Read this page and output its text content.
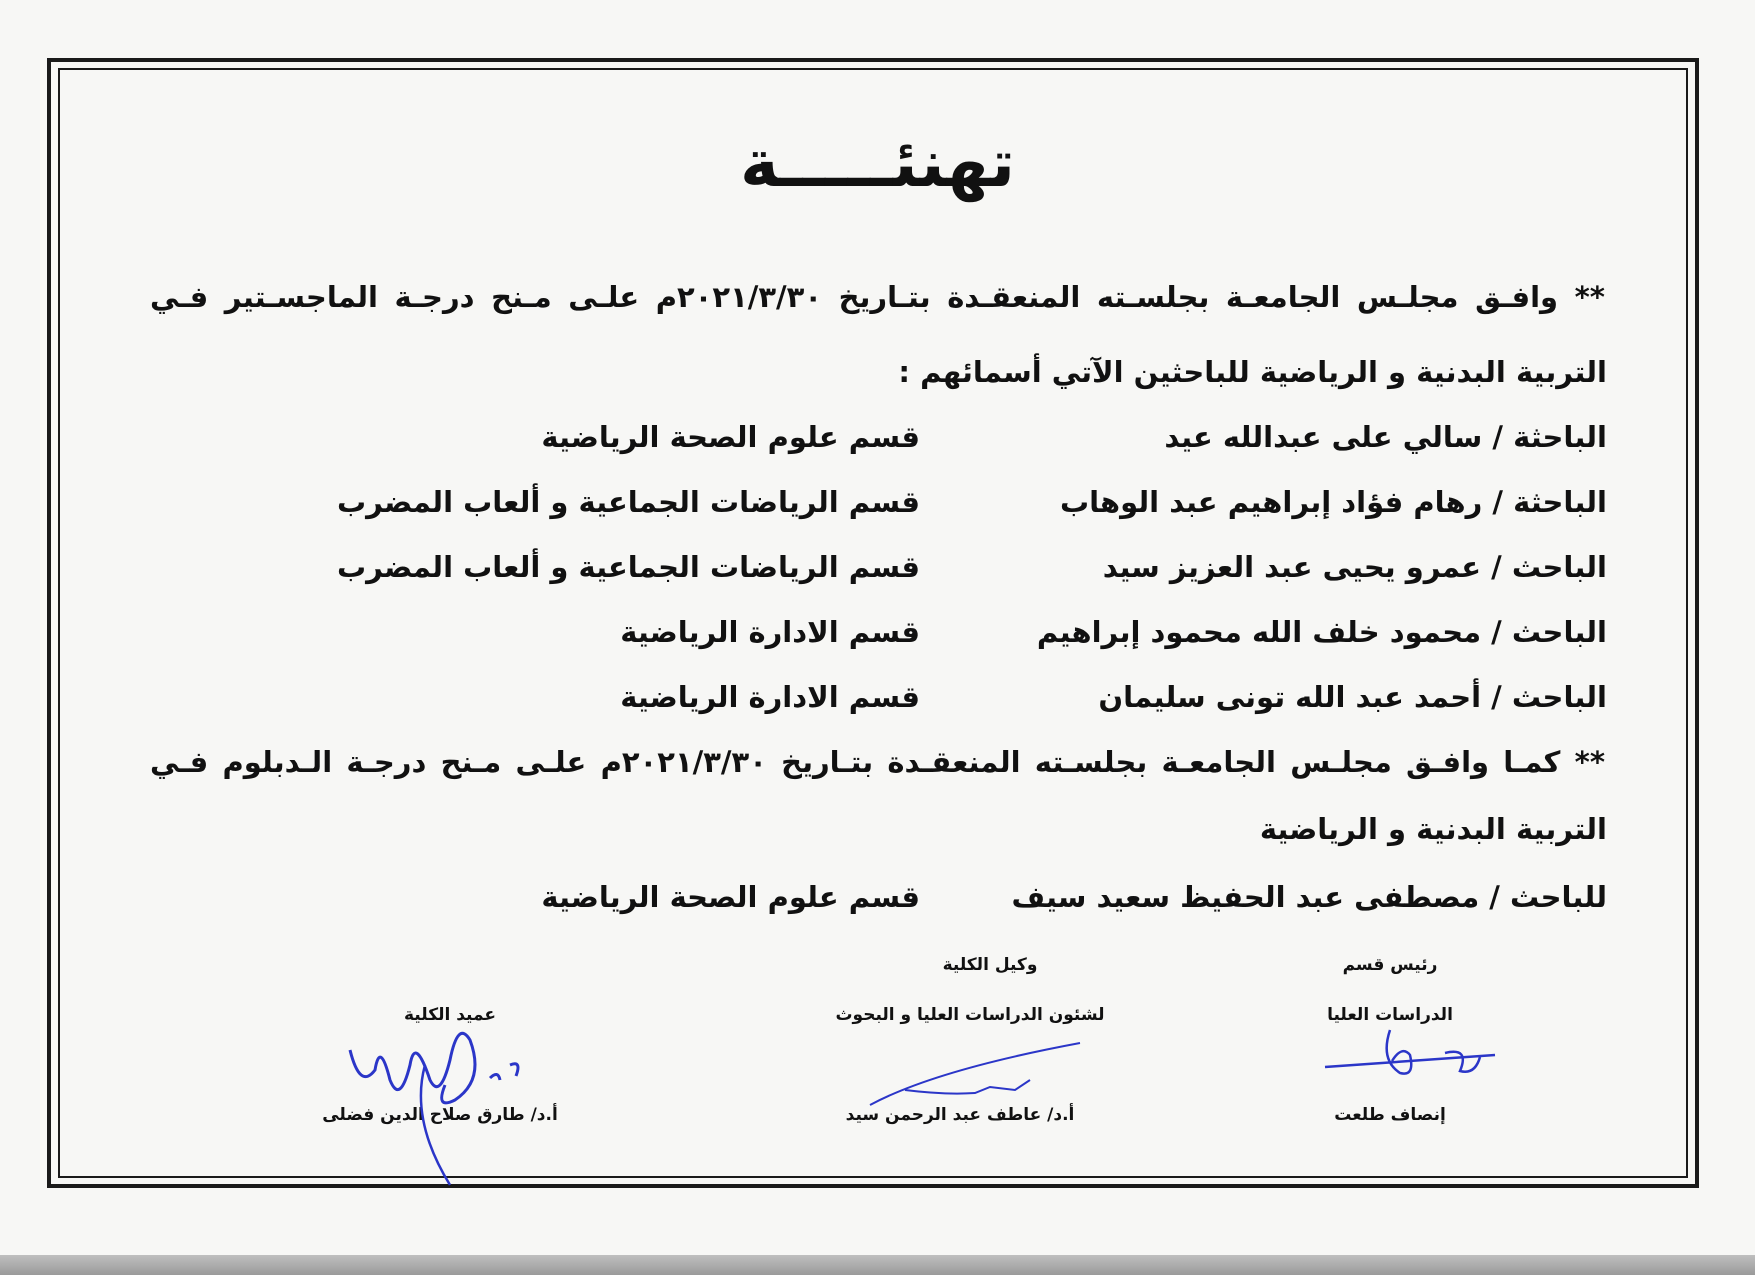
تهنئـــــة
** وافـق مجلـس الجامعـة بجلسـته المنعقـدة بتـاريخ ٢٠٢١/٣/٣٠م علـى مـنح درجـة الماجسـتير فـي
التربية البدنية و الرياضية للباحثين الآتي أسمائهم :
الباحثة / سالي على عبدالله عيد
قسم علوم الصحة الرياضية
الباحثة / رهام فؤاد إبراهيم عبد الوهاب
قسم الرياضات الجماعية و ألعاب المضرب
الباحث / عمرو يحيى عبد العزيز سيد
قسم الرياضات الجماعية و ألعاب المضرب
الباحث / محمود خلف الله محمود إبراهيم
قسم الادارة الرياضية
الباحث / أحمد عبد الله تونى سليمان
قسم الادارة الرياضية
** كمـا وافـق مجلـس الجامعـة بجلسـته المنعقـدة بتـاريخ ٢٠٢١/٣/٣٠م علـى مـنح درجـة الـدبلوم فـي
التربية البدنية و الرياضية
للباحث / مصطفى عبد الحفيظ سعيد سيف
قسم علوم الصحة الرياضية
رئيس قسم
الدراسات العليا
إنصاف طلعت
وكيل الكلية
لشئون الدراسات العليا و البحوث
أ.د/ عاطف عبد الرحمن سيد
عميد الكلية
أ.د/ طارق صلاح الدين فضلى
